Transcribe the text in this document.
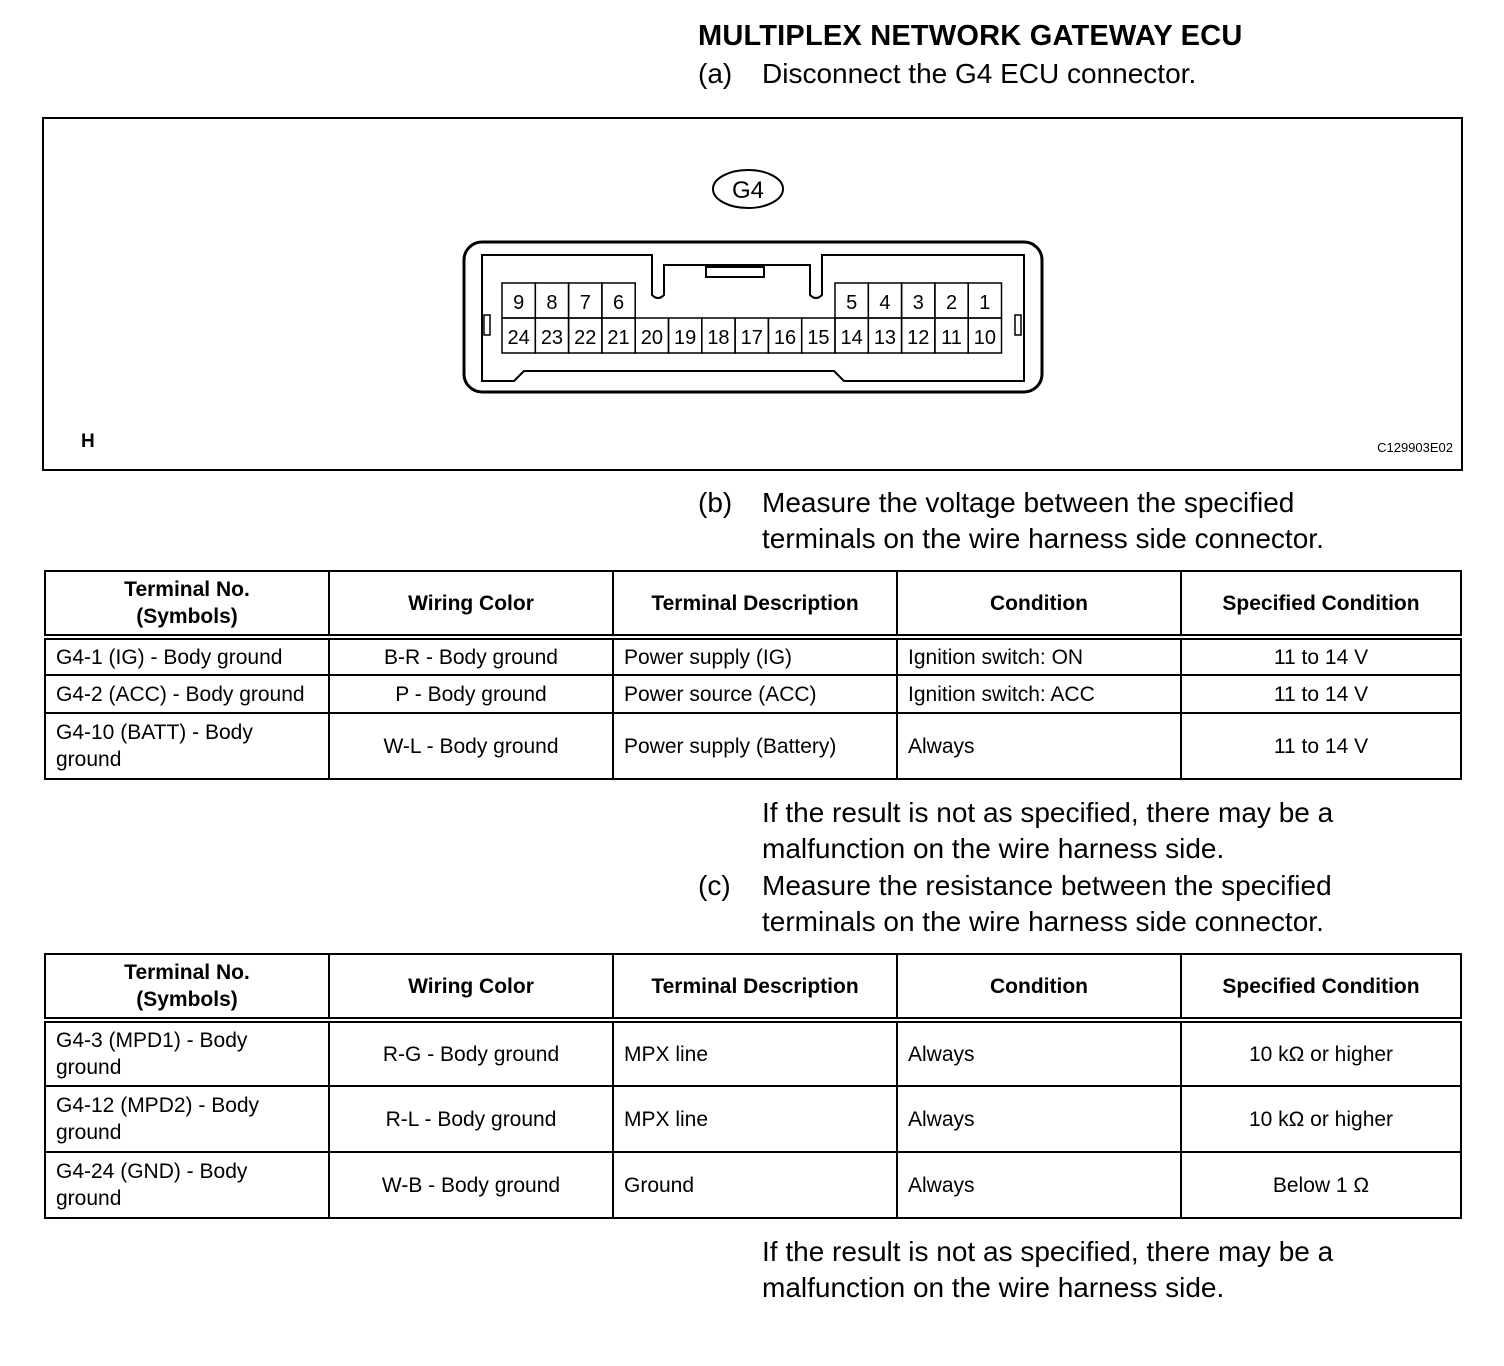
MULTIPLEX NETWORK GATEWAY ECU
(a)	Disconnect the G4 ECU connector.
G4
9 8 7 6	5 4 3 2 1
24 23 22 21 20 19 18 17 16 15 14 13 12 11 10
H	C129903E02
(b)	Measure the voltage between the specified
terminals on the wire harness side connector.
Terminal No.
(Symbols)	Wiring Color	Terminal Description	Condition	Specified Condition
G4-1 (IG) - Body ground	B-R - Body ground	Power supply (IG)	Ignition switch: ON	11 to 14 V
G4-2 (ACC) - Body ground	P - Body ground	Power source (ACC)	Ignition switch: ACC	11 to 14 V
G4-10 (BATT) - Body ground	W-L - Body ground	Power supply (Battery)	Always	11 to 14 V
If the result is not as specified, there may be a
malfunction on the wire harness side.
(c)	Measure the resistance between the specified
terminals on the wire harness side connector.
Terminal No.
(Symbols)	Wiring Color	Terminal Description	Condition	Specified Condition
G4-3 (MPD1) - Body ground	R-G - Body ground	MPX line	Always	10 kΩ or higher
G4-12 (MPD2) - Body ground	R-L - Body ground	MPX line	Always	10 kΩ or higher
G4-24 (GND) - Body ground	W-B - Body ground	Ground	Always	Below 1 Ω
If the result is not as specified, there may be a
malfunction on the wire harness side.
